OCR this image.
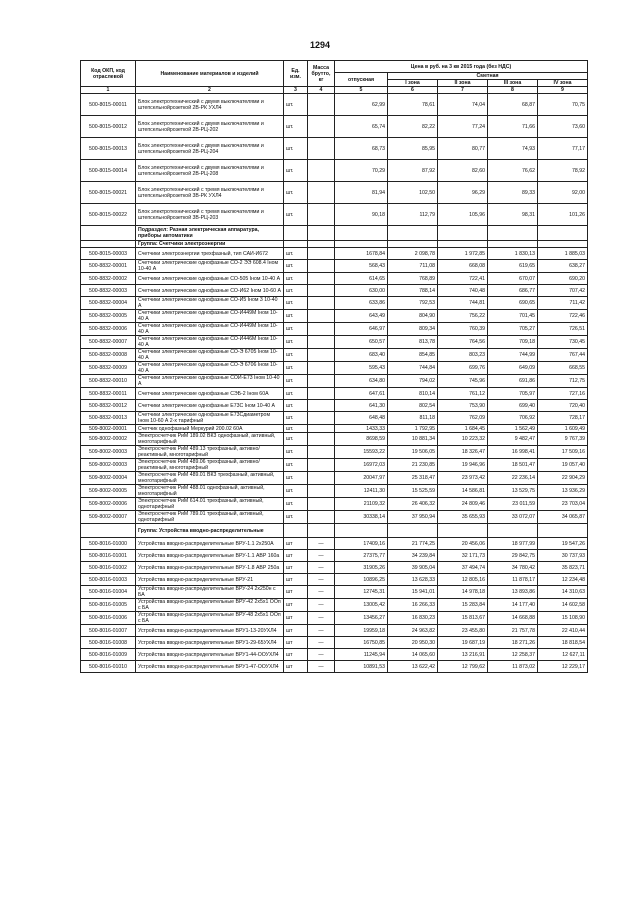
1294
Код ОКП, код отраслевой	Наименование материалов и изделий	Ед. изм.	Масса брутто, кг	Цена в руб. на 3 кв 2015 года (без НДС)				
				отпускная	Сметная			
					I зона	II зона	III зона	IV зона
1	2	3	4	5	6	7	8	9
500-8015-00011	Блок электротехнический с двумя выключателями и штепсельнойрозеткой 2В-РК УХЛ4	шт.		62,99	78,61	74,04	68,87	70,75
500-8015-00012	Блок электротехнический с двумя выключателями и штепсельнойрозеткой 2В-РЦ-202	шт.		65,74	82,22	77,24	71,66	73,60
500-8015-00013	Блок электротехнический с двумя выключателями и штепсельнойрозеткой 2В-РЦ-204	шт.		68,73	85,95	80,77	74,93	77,17
500-8015-00014	Блок электротехнический с двумя выключателями и штепсельнойрозеткой 2В-РЦ-208	шт.		70,29	87,92	82,60	76,62	78,92
500-8015-00021	Блок электротехнический с тремя выключателями и штепсельнойрозеткой 3В-РК УХЛ4	шт.		81,94	102,50	96,29	89,33	92,00
500-8015-00022	Блок электротехнический с тремя выключателями и штепсельнойрозеткой 3В-РЦ-203	шт.		90,18	112,79	105,96	98,31	101,26
	Подраздел: Разная электрическая аппаратура, приборы автоматики							
	Группа: Счетчики электроэнергии							
500-8015-00003	Счетчики электроэнергии трехфазный, тип САИ-И672	шт.		1678,84	2 098,78	1 972,85	1 830,13	1 885,03
500-8832-00001	Счетчики электрические однофазные СО-2 ЭЭ 608.4 Iном 10-40 А	шт.		568,43	711,08	668,08	619,65	638,27
500-8832-00002	Счетчики электрические однофазные СО-505 Iном 10-40 А	шт.		614,65	768,89	722,41	670,07	690,20
500-8832-00003	Счетчики электрические однофазные СО-И62 Iном 10-60 А	шт.		630,00	788,14	740,48	686,77	707,42
500-8832-00004	Счетчики электрические однофазные СО-И5 Iном 3 10-40 А	шт.		633,86	792,53	744,81	690,65	711,42
500-8832-00005	Счетчики электрические однофазные СО-И449М Iном 10-40 А	шт.		643,49	804,90	756,22	701,45	722,46
500-8832-00006	Счетчики электрические однофазные СО-И449М Iном 10-40 А	шт.		646,97	809,34	760,39	705,27	726,51
500-8832-00007	Счетчики электрические однофазные СО-И446М Iном 10-40 А	шт.		650,57	813,78	764,56	709,18	730,45
500-8832-00008	Счетчики электрические однофазные СО-Э 6705 Iном 10-40 А	шт.		683,40	854,85	803,23	744,99	767,44
500-8832-00009	Счетчики электрические однофазные СО-Э 6706 Iном 10-40 А	шт.		595,43	744,84	699,76	649,09	668,55
500-8832-00010	Счетчики электрические однофазные СОИ-Е73 Iном 10-40 А	шт.		634,80	794,02	745,96	691,86	712,75
500-8832-00011	Счетчики электрические однофазные СЭБ-2 Iном 60А	шт.		647,61	810,14	761,12	705,97	727,16
500-8832-00012	Счетчики электрические однофазные Е73С Iном 10-40 А	шт.		641,30	802,54	753,90	699,40	720,40
500-8832-00013	Счетчики электрические однофазные Е73Сдиаметром Iном 10-60 А 2-х тарифный	шт.		648,48	811,18	762,09	706,92	728,17
509-8002-00001	Счетчик однофазный Меркурий 200.02 60А	шт.		1433,33	1 792,95	1 684,45	1 562,49	1 609,49
509-8002-00002	Электросчетчик РиМ 189.02 ВК3 однофазный, активный, многотарифный	шт.		8698,59	10 881,34	10 223,32	9 482,47	9 767,39
509-8002-00003	Электросчетчик РиМ 489.13 трехфазный, активно/реактивный, многотарифный	шт.		15593,22	19 506,05	18 326,47	16 998,41	17 509,16
509-8002-00003	Электросчетчик РиМ 489.06 трехфазный, активно/реактивный, многотарифный	шт.		16972,03	21 230,85	19 946,96	18 501,47	19 057,40
509-8002-00004	Электросчетчик РиМ 489.01 ВК3 трехфазный, активный, многотарифный	шт.		20047,97	25 318,47	23 973,42	22 236,14	22 904,29
509-8002-00005	Электросчетчик РиМ 488.01 однофазный, активный, многотарифный	шт.		12411,30	15 525,59	14 586,81	13 529,75	13 936,29
509-8002-00006	Электросчетчик РиМ 614.01 трехфазный, активный, однотарифный	шт.		21109,32	26 406,32	24 809,46	23 011,59	23 703,04
509-8002-00007	Электросчетчик РиМ 789.01 трехфазный, активный, однотарифный	шт.		30338,14	37 950,94	35 655,93	33 072,07	34 065,87
	Группа: Устройства вводно-распределительные							
500-8016-01000	Устройства вводно-распределительные ВРУ-1.1 2х250А	шт	—	17409,16	21 774,25	20 456,06	18 977,99	19 547,26
500-8016-01001	Устройства вводно-распределительные ВРУ-1.1 АВР 160а	шт	—	27375,77	34 239,84	32 171,73	29 842,75	30 737,93
500-8016-01002	Устройства вводно-распределительные ВРУ-1.8 АВР 250а	шт	—	31905,26	39 905,04	37 494,74	34 780,42	35 823,71
500-8016-01003	Устройства вводно-распределительные ВРУ-21	шт	—	10896,25	13 628,33	12 805,16	11 878,17	12 234,48
500-8016-01004	Устройства вводно-распределительные ВРУ-24 2х250н с БА	шт	—	12745,31	15 941,01	14 978,18	13 893,86	14 310,63
500-8016-01005	Устройства вводно-распределительные ВРУ-42 2х5х1 ООп с БА	шт	—	13005,42	16 266,33	15 283,84	14 177,40	14 602,58
500-8016-01006	Устройства вводно-распределительные ВРУ-48 2х5х1 ООп с БА	шт	—	13456,27	16 830,23	15 813,67	14 668,88	15 108,90
500-8016-01007	Устройства вводно-распределительные ВРУ1-13-20УХЛ4	шт	—	19959,18	24 963,82	23 455,80	21 757,78	22 410,44
500-8016-01008	Устройства вводно-распределительные ВРУ1-29-65УХЛ4	шт	—	16750,85	20 950,30	19 687,19	18 271,26	18 818,54
500-8016-01009	Устройства вводно-распределительные ВРУ1-44-ООУХЛ4	шт	—	11245,94	14 065,60	13 216,91	12 258,37	12 627,11
500-8016-01010	Устройства вводно-распределительные ВРУ1-47-ООУХЛ4	шт	—	10891,53	13 622,42	12 799,62	11 873,02	12 229,17
